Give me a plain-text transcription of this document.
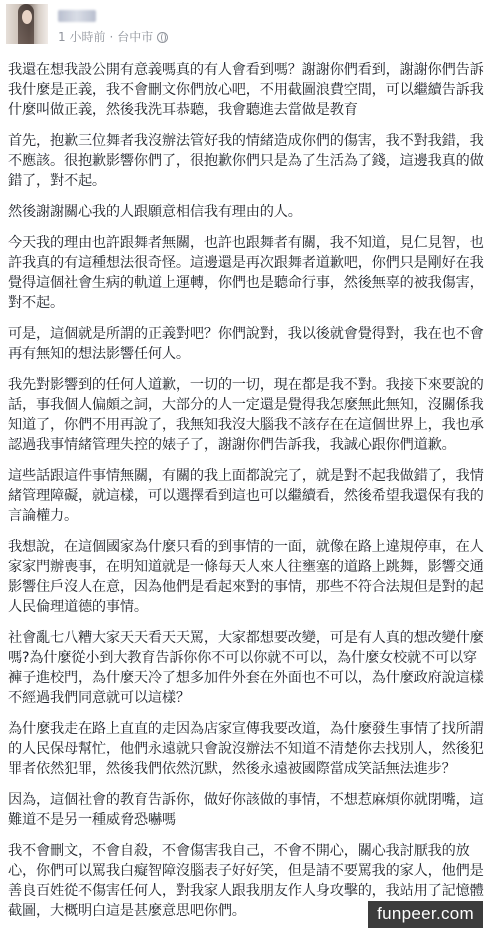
1 小時前 · 台中市

我還在想我設公開有意義嗎真的有人會看到嗎？謝謝你們看到，謝謝你們告訴我什麼是正義，我不會刪文你們放心吧，不用截圖浪費空間，可以繼續告訴我什麼叫做正義，然後我洗耳恭聽，我會聽進去當做是教育

首先，抱歉三位舞者我沒辦法管好我的情緒造成你們的傷害，我不對我錯，我不應該。很抱歉影響你們了，很抱歉你們只是為了生活為了錢，這邊我真的做錯了，對不起。

然後謝謝關心我的人跟願意相信我有理由的人。

今天我的理由也許跟舞者無關，也許也跟舞者有關，我不知道，見仁見智，也許我真的有這種想法很奇怪。這邊還是再次跟舞者道歉吧，你們只是剛好在我覺得這個社會生病的軌道上運轉，你們也是聽命行事，然後無辜的被我傷害，對不起。

可是，這個就是所謂的正義對吧？你們說對，我以後就會覺得對，我在也不會再有無知的想法影響任何人。

我先對影響到的任何人道歉，一切的一切，現在都是我不對。我接下來要說的話，事我個人偏頗之詞，大部分的人一定還是覺得我怎麼無此無知，沒關係我知道了，你們不用再說了，我無知我沒大腦我不該存在在這個世界上，我也承認過我事情緒管理失控的婊子了，謝謝你們告訴我，我誠心跟你們道歉。

這些話跟這件事情無關，有關的我上面都說完了，就是對不起我做錯了，我情緒管理障礙，就這樣，可以選擇看到這也可以繼續看，然後希望我還保有我的言論權力。

我想說，在這個國家為什麼只看的到事情的一面，就像在路上違規停車，在人家家門辦喪事，在明知道就是一條每天人來人往壅塞的道路上跳舞，影響交通影響住戶沒人在意，因為他們是看起來對的事情，那些不符合法規但是對的起人民倫理道德的事情。

社會亂七八糟大家天天看天天罵，大家都想要改變，可是有人真的想改變什麼嗎?為什麼從小到大教育告訴你你不可以你就不可以，為什麼女校就不可以穿褲子進校門，為什麼天冷了想多加件外套在外面也不可以，為什麼政府說這樣不經過我們同意就可以這樣？

為什麼我走在路上直直的走因為店家宣傳我要改道，為什麼發生事情了找所謂的人民保母幫忙，他們永遠就只會說沒辦法不知道不清楚你去找別人，然後犯罪者依然犯罪，然後我們依然沉默，然後永遠被國際當成笑話無法進步？

因為，這個社會的教育告訴你，做好你該做的事情，不想惹麻煩你就閉嘴，這難道不是另一種威脅恐嚇嗎

我不會刪文，不會自殺，不會傷害我自己，不會不開心，關心我討厭我的放心，你們可以罵我白癡智障沒腦表子好好笑，但是請不要罵我的家人，他們是善良百姓從不傷害任何人，對我家人跟我朋友作人身攻擊的，我站用了記憶體截圖，大概明白這是甚麼意思吧你們。	funpeer.com
